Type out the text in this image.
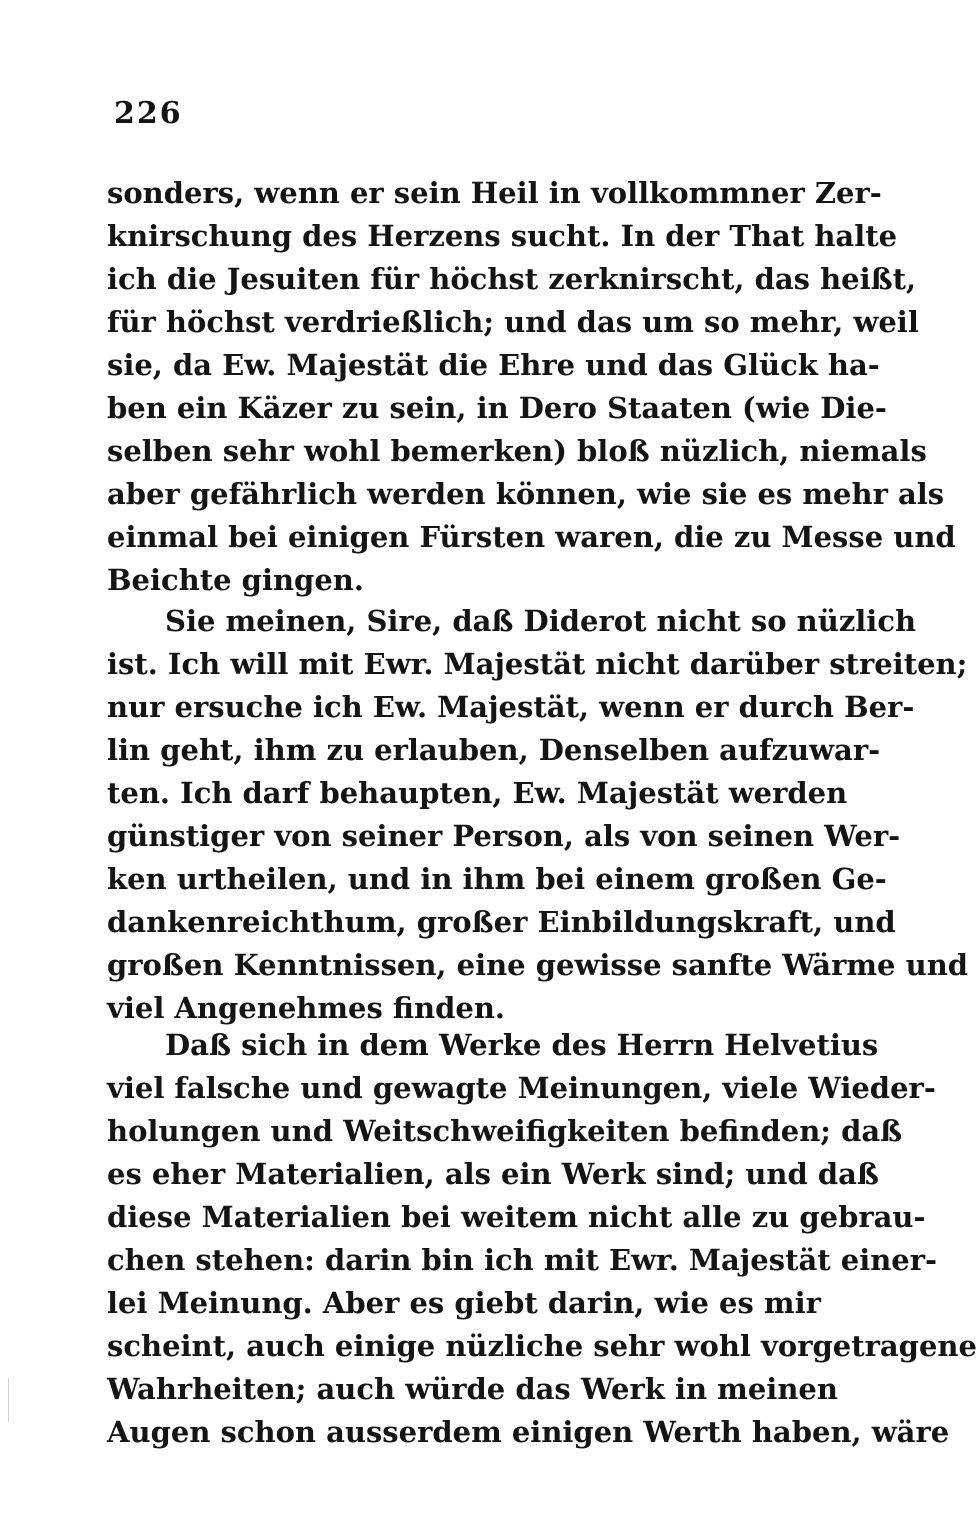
226
sonders, wenn er sein Heil in vollkommner Zer-
knirschung des Herzens sucht. In der That halte
ich die Jesuiten für höchst zerknirscht, das heißt,
für höchst verdrießlich; und das um so mehr, weil
sie, da Ew. Majestät die Ehre und das Glück ha-
ben ein Käzer zu sein, in Dero Staaten (wie Die-
selben sehr wohl bemerken) bloß nüzlich, niemals
aber gefährlich werden können, wie sie es mehr als
einmal bei einigen Fürsten waren, die zu Messe und
Beichte gingen.
Sie meinen, Sire, daß Diderot nicht so nüzlich
ist. Ich will mit Ewr. Majestät nicht darüber streiten;
nur ersuche ich Ew. Majestät, wenn er durch Ber-
lin geht, ihm zu erlauben, Denselben aufzuwar-
ten. Ich darf behaupten, Ew. Majestät werden
günstiger von seiner Person, als von seinen Wer-
ken urtheilen, und in ihm bei einem großen Ge-
dankenreichthum, großer Einbildungskraft, und
großen Kenntnissen, eine gewisse sanfte Wärme und
viel Angenehmes finden.
Daß sich in dem Werke des Herrn Helvetius
viel falsche und gewagte Meinungen, viele Wieder-
holungen und Weitschweifigkeiten befinden; daß
es eher Materialien, als ein Werk sind; und daß
diese Materialien bei weitem nicht alle zu gebrau-
chen stehen: darin bin ich mit Ewr. Majestät einer-
lei Meinung. Aber es giebt darin, wie es mir
scheint, auch einige nüzliche sehr wohl vorgetragene
Wahrheiten; auch würde das Werk in meinen
Augen schon ausserdem einigen Werth haben, wäre
